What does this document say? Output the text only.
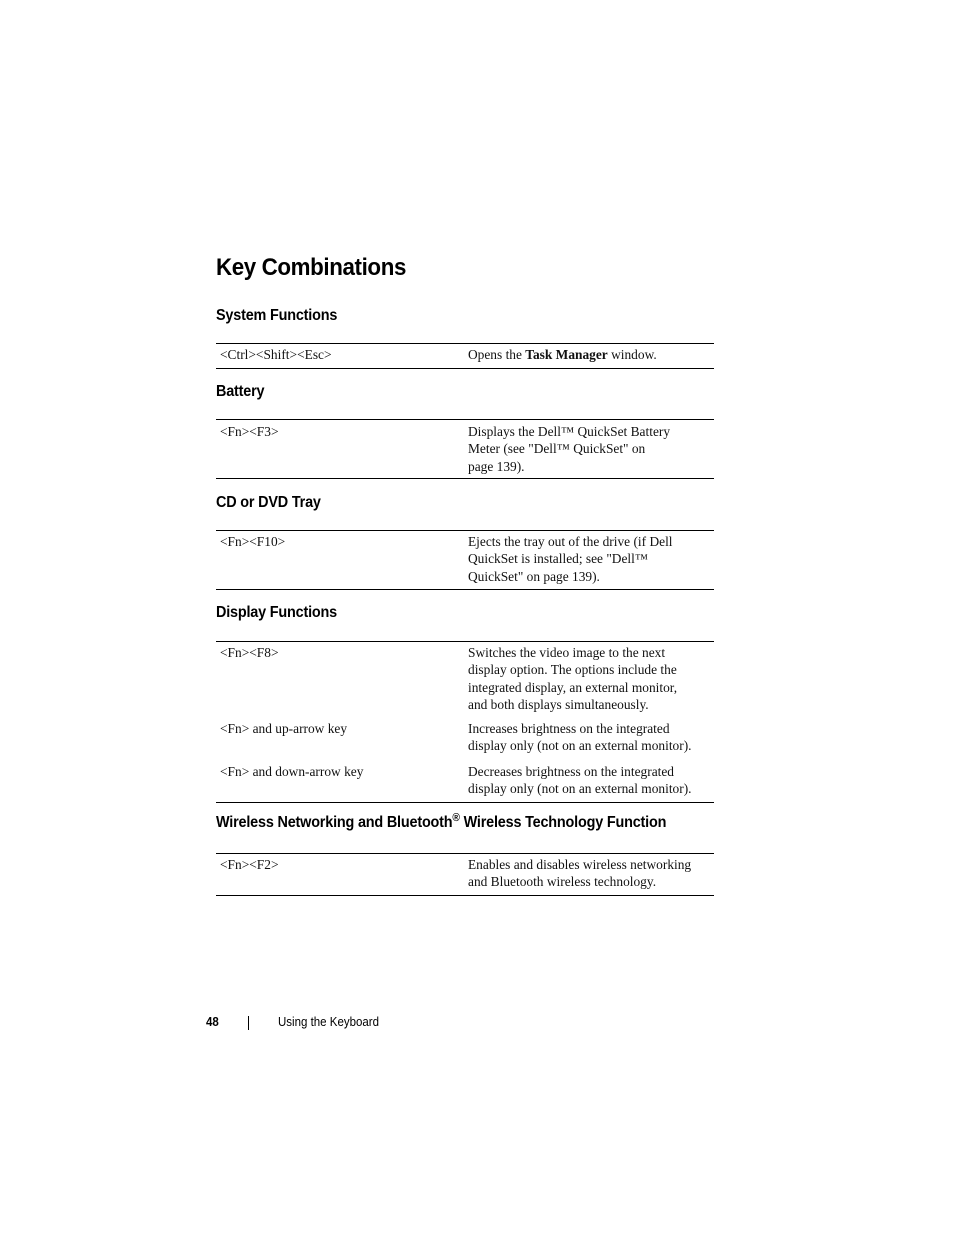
Key Combinations
System Functions
<Ctrl><Shift><Esc>	Opens the Task Manager window.
Battery
<Fn><F3>	Displays the Dell™ QuickSet Battery
Meter (see "Dell™ QuickSet" on
page 139).
CD or DVD Tray
<Fn><F10>	Ejects the tray out of the drive (if Dell
QuickSet is installed; see "Dell™
QuickSet" on page 139).
Display Functions
<Fn><F8>	Switches the video image to the next
display option. The options include the
integrated display, an external monitor,
and both displays simultaneously.
<Fn> and up-arrow key	Increases brightness on the integrated
display only (not on an external monitor).
<Fn> and down-arrow key	Decreases brightness on the integrated
display only (not on an external monitor).
Wireless Networking and Bluetooth® Wireless Technology Function
<Fn><F2>	Enables and disables wireless networking
and Bluetooth wireless technology.
48	Using the Keyboard
